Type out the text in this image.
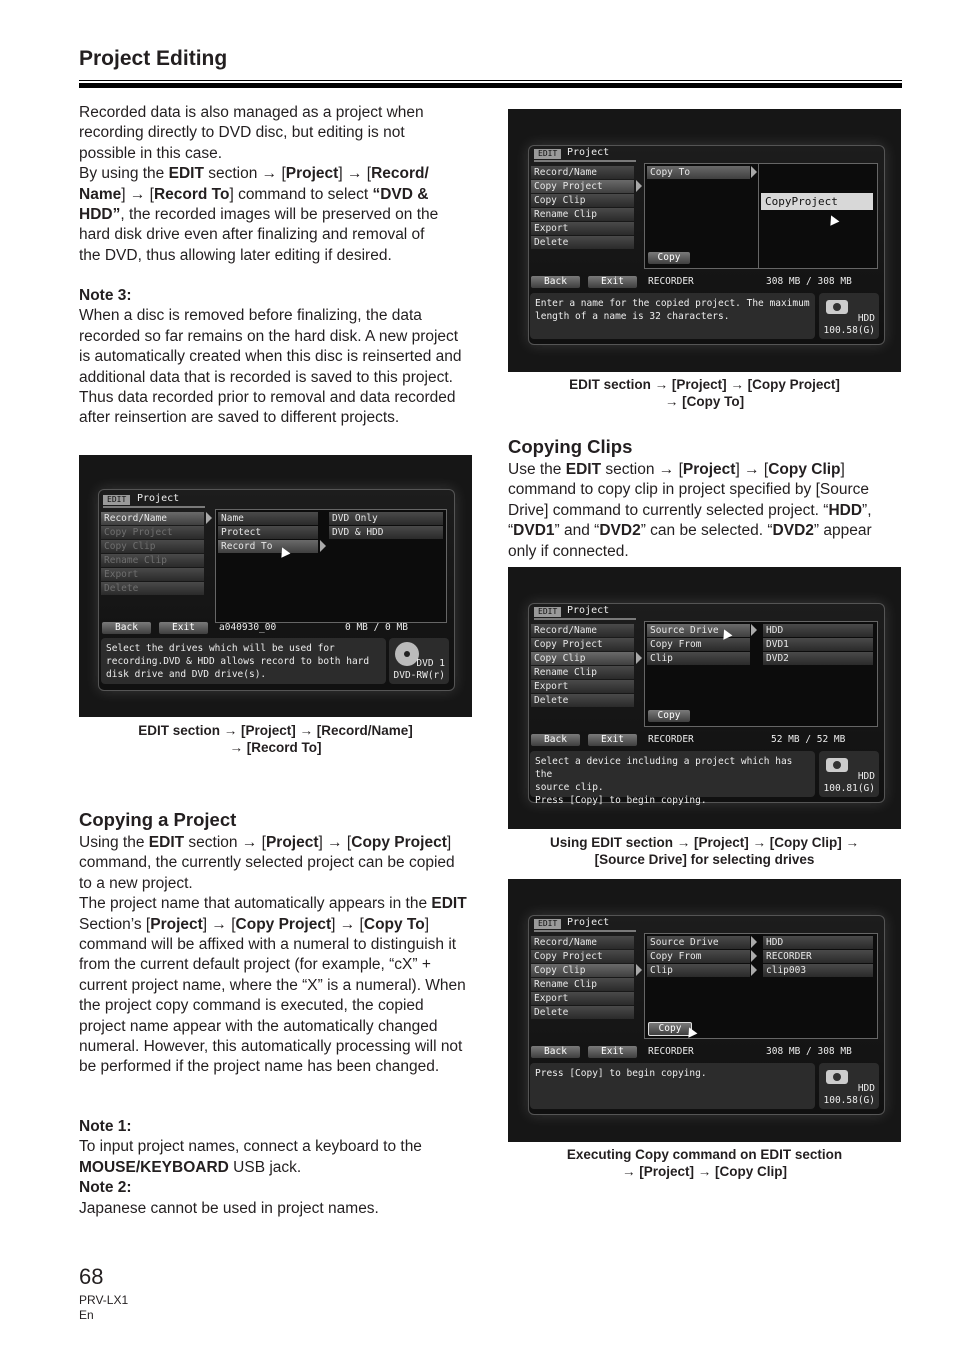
Project Editing
Recorded data is also managed as a project when
recording directly to DVD disc, but editing is not
possible in this case.
By using the EDIT section → [Project] → [Record/
Name] → [Record To] command to select “DVD &
HDD”, the recorded images will be preserved on the
hard disk drive even after finalizing and removal of
the DVD, thus allowing later editing if desired.
Note 3:
When a disc is removed before finalizing, the data recorded so far remains on the hard disk. A new project is automatically created when this disc is reinserted and additional data that is recorded is saved to this project. Thus data recorded prior to removal and data recorded after reinsertion are saved to different projects.
EDIT	Project
Record/Name
Copy Project
Copy Clip
Rename Clip
Export
Delete
Name
Protect
Record To
DVD Only
DVD & HDD
Back	Exit	a040930_00	0 MB / 0 MB
Select the drives which will be used for
recording.DVD & HDD allows record to both hard
disk drive and DVD drive(s).
DVD 1
DVD-RW(r)
EDIT section → [Project] → [Record/Name]
→ [Record To]
Copying a Project
Using the EDIT section → [Project] → [Copy Project] command, the currently selected project can be copied to a new project.
The project name that automatically appears in the EDIT Section’s [Project] → [Copy Project] → [Copy To] command will be affixed with a numeral to distinguish it from the current default project (for example, “cX” + current project name, where the “X” is a numeral). When the project copy command is executed, the copied project name appear with the automatically changed numeral. However, this automatically processing will not be performed if the project name has been changed.
Note 1:
To input project names, connect a keyboard to the MOUSE/KEYBOARD USB jack.
Note 2:
Japanese cannot be used in project names.
EDIT Project
Record/Name
Copy Project
Copy Clip
Rename Clip
Export
Delete
Copy To
CopyProject
Copy
Back	Exit	RECORDER	308 MB / 308 MB
Enter a name for the copied project. The maximum
length of a name is 32 characters.	HDD
100.58(G)
EDIT section → [Project] → [Copy Project]
→ [Copy To]
Copying Clips
Use the EDIT section → [Project] → [Copy Clip] command to copy clip in project specified by [Source Drive] command to currently selected project. “HDD”, “DVD1” and “DVD2” can be selected. “DVD2” appear only if connected.
EDIT Project
Record/Name
Copy Project
Copy Clip
Rename Clip
Export
Delete
Source Drive
Copy From
Clip
HDD
DVD1
DVD2
Copy
Back	Exit	RECORDER	52 MB / 52 MB
Select a device including a project which has the
source clip.
Press [Copy] to begin copying.
HDD
100.81(G)
Using EDIT section → [Project] → [Copy Clip] →
[Source Drive] for selecting drives
EDIT Project
Record/Name
Copy Project
Copy Clip
Rename Clip
Export
Delete
Source Drive
Copy From
Clip
HDD
RECORDER
clip003
Copy
Back	Exit	RECORDER	308 MB / 308 MB
Press [Copy] to begin copying.
HDD
100.58(G)
Executing Copy command on EDIT section
→ [Project] → [Copy Clip]
68
PRV-LX1
En
